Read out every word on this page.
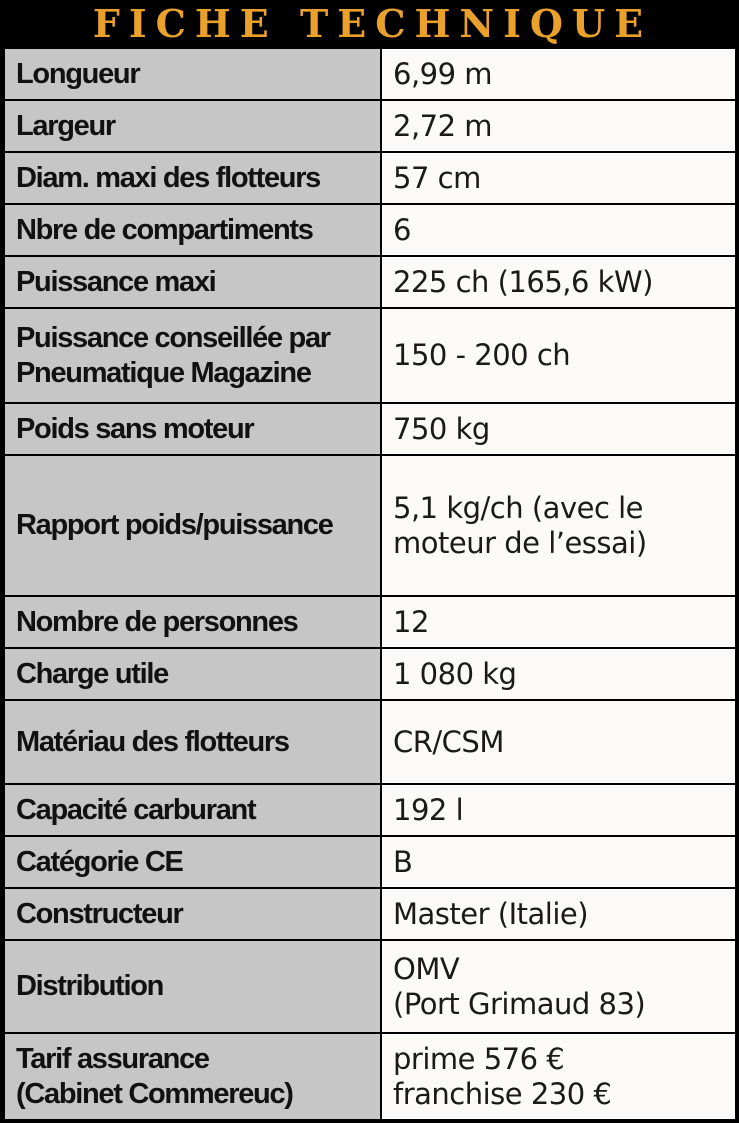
FICHE TECHNIQUE
Longueur	6,99 m

Largeur	2,72 m

Diam. maxi des flotteurs	57 cm

Nbre de compartiments	6

Puissance maxi	225 ch (165,6 kW)

Puissance conseillée par
Pneumatique Magazine	150 - 200 ch

Poids sans moteur	750 kg

Rapport poids/puissance	5,1 kg/ch (avec le
moteur de l’essai)

Nombre de personnes	12

Charge utile	1 080 kg

Matériau des flotteurs	CR/CSM

Capacité carburant	192 l

Catégorie CE	B

Constructeur	Master (Italie)

Distribution	OMV
(Port Grimaud 83)

Tarif assurance
(Cabinet Commereuc)	prime 576 €
franchise 230 €
